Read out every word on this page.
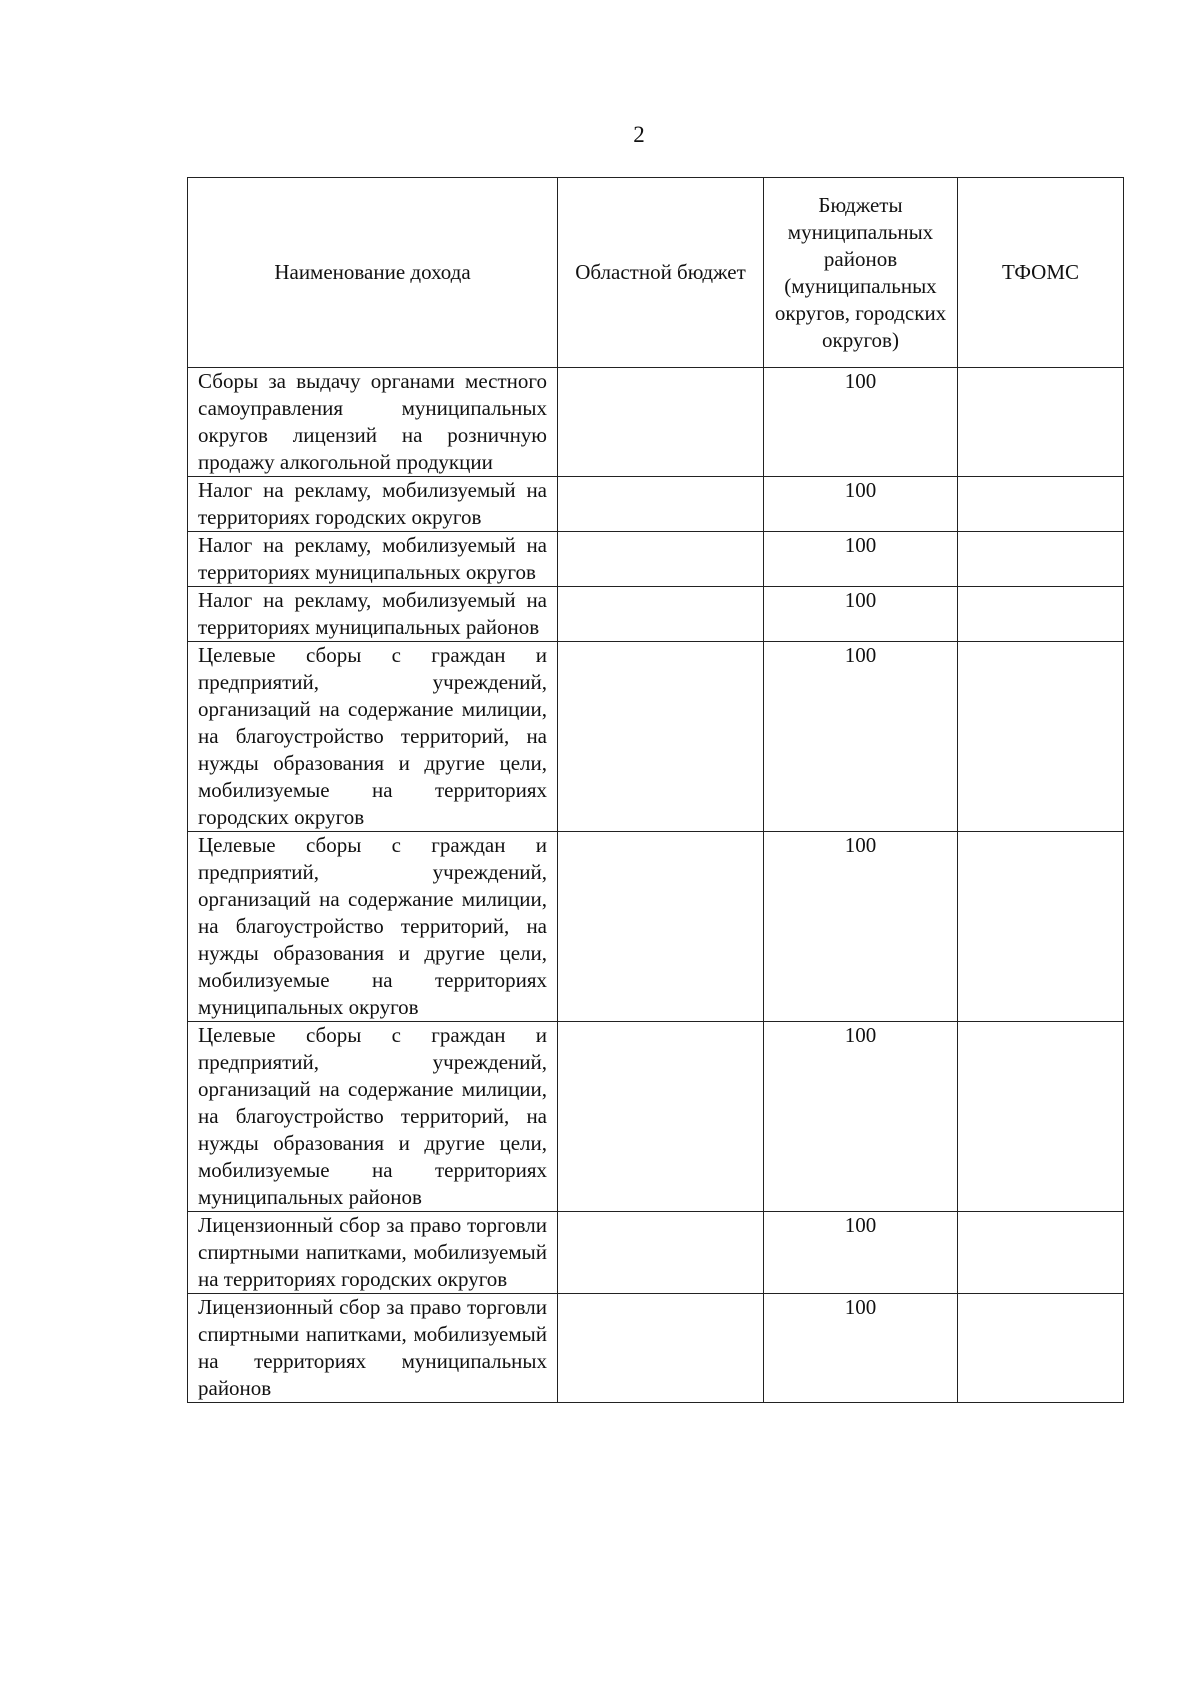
2
Наименование дохода	Областной бюджет	Бюджеты муниципальных районов (муниципальных округов, городских округов)	ТФОМС
Сборы за выдачу органами местного самоуправления муниципальных округов лицензий на розничную продажу алкогольной продукции		100	
Налог на рекламу, мобилизуемый на территориях городских округов		100	
Налог на рекламу, мобилизуемый на территориях муниципальных округов		100	
Налог на рекламу, мобилизуемый на территориях муниципальных районов		100	
Целевые сборы с граждан и предприятий, учреждений, организаций на содержание милиции, на благоустройство территорий, на нужды образования и другие цели, мобилизуемые на территориях городских округов		100	
Целевые сборы с граждан и предприятий, учреждений, организаций на содержание милиции, на благоустройство территорий, на нужды образования и другие цели, мобилизуемые на территориях муниципальных округов		100	
Целевые сборы с граждан и предприятий, учреждений, организаций на содержание милиции, на благоустройство территорий, на нужды образования и другие цели, мобилизуемые на территориях муниципальных районов		100	
Лицензионный сбор за право торговли спиртными напитками, мобилизуемый на территориях городских округов		100	
Лицензионный сбор за право торговли спиртными напитками, мобилизуемый на территориях муниципальных районов		100	
